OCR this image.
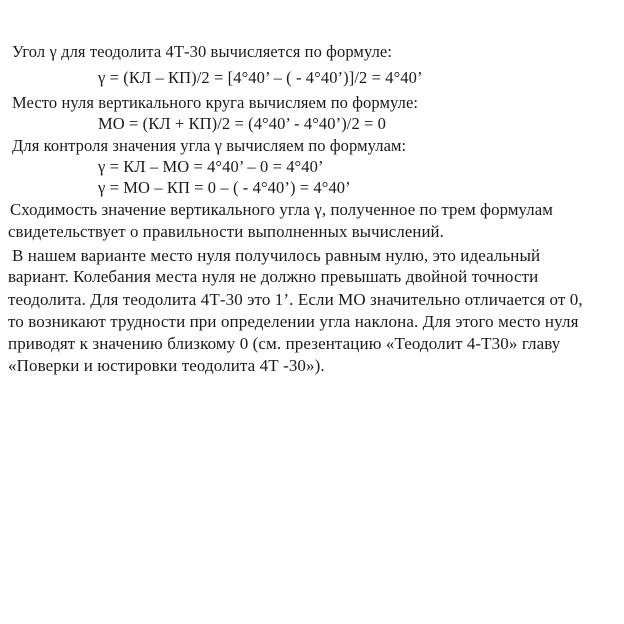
Угол γ для теодолита 4Т-30 вычисляется по формуле:
γ = (КЛ – КП)/2 = [4°40’ – ( - 4°40’)]/2 = 4°40’
Место нуля вертикального круга вычисляем по формуле:
МО = (КЛ + КП)/2 = (4°40’ - 4°40’)/2 = 0
Для контроля значения угла γ вычисляем по формулам:
γ = КЛ – МО = 4°40’ – 0 = 4°40’
γ = МО – КП = 0 – ( - 4°40’) = 4°40’
Сходимость значение вертикального угла γ, полученное по трем формулам
свидетельствует о правильности выполненных вычислений.
В нашем варианте место нуля получилось равным нулю, это идеальный
вариант. Колебания места нуля не должно превышать двойной точности
теодолита. Для теодолита 4Т-30 это 1’. Если МО значительно отличается от 0,
то возникают трудности при определении угла наклона. Для этого место нуля
приводят к значению близкому 0 (см. презентацию «Теодолит 4-Т30» главу
«Поверки и юстировки теодолита 4Т -30»).
